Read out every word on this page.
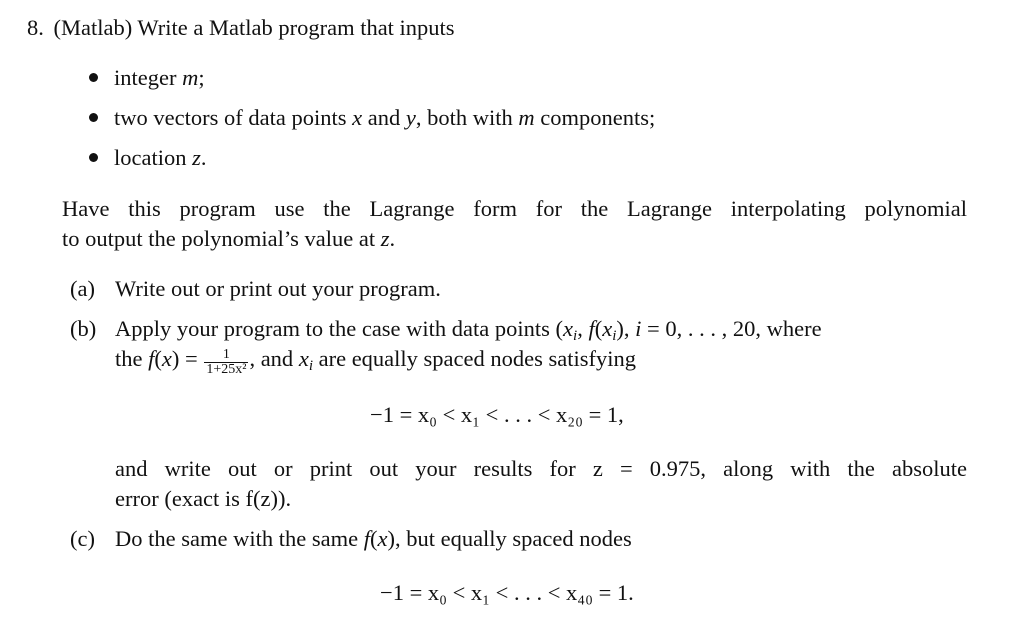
8. (Matlab) Write a Matlab program that inputs
integer m;
two vectors of data points x and y, both with m components;
location z.
Have this program use the Lagrange form for the Lagrange interpolating polynomial
to output the polynomial’s value at z.
(a) Write out or print out your program.
(b) Apply your program to the case with data points ($x_i$, $f(x_i)$, i = 0, . . . , 20, where
the $f(x) = \frac{1}{\text{1+25x²}}$ , and $x_i$ are equally spaced nodes satisfying
−1 = x₀ < x₁ < . . . < x₂₀ = 1,
and write out or print out your results for z = 0.975, along with the absolute
error (exact is f(z)).
(c) Do the same with the same f(x), but equally spaced nodes
−1 = x₀ < x₁ < . . . < x₄₀ = 1.
